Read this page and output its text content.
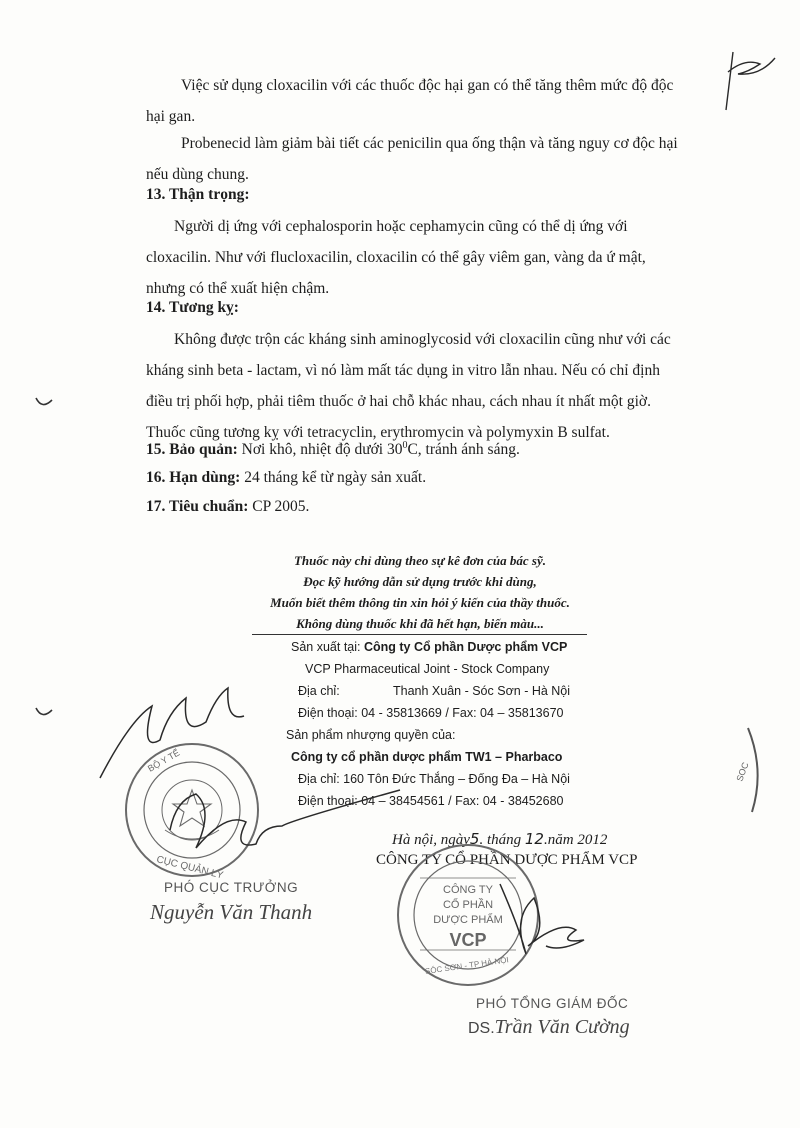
Việc sử dụng cloxacilin với các thuốc độc hại gan có thể tăng thêm mức độ độc

hại gan.

Probenecid làm giảm bài tiết các penicilin qua ống thận và tăng nguy cơ độc hại

nếu dùng chung.

13. Thận trọng:

Người dị ứng với cephalosporin hoặc cephamycin cũng có thể dị ứng với

cloxacilin. Như với flucloxacilin, cloxacilin có thể gây viêm gan, vàng da ứ mật,

nhưng có thể xuất hiện chậm.

14. Tương kỵ:

Không được trộn các kháng sinh aminoglycosid với cloxacilin cũng như với các

kháng sinh beta - lactam, vì nó làm mất tác dụng in vitro lẫn nhau. Nếu có chỉ định

điều trị phối hợp, phải tiêm thuốc ở hai chỗ khác nhau, cách nhau ít nhất một giờ.

Thuốc cũng tương kỵ với tetracyclin, erythromycin và polymyxin B sulfat.

15. Bảo quản: Nơi khô, nhiệt độ dưới $30^0C$, tránh ánh sáng.
16. Hạn dùng: 24 tháng kể từ ngày sản xuất.
17. Tiêu chuẩn: CP 2005.
Thuốc này chỉ dùng theo sự kê đơn của bác sỹ.
Đọc kỹ hướng dẫn sử dụng trước khi dùng,
Muốn biết thêm thông tin xin hỏi ý kiến của thầy thuốc.
Không dùng thuốc khi đã hết hạn, biến màu...
Sản xuất tại: Công ty Cổ phần Dược phẩm VCP
VCP Pharmaceutical Joint - Stock Company
Địa chỉ:	Thanh Xuân - Sóc Sơn - Hà Nội
Điện thoại: 04 - 35813669 / Fax: 04 – 35813670
Sản phẩm nhượng quyền của:
Công ty cổ phần dược phẩm TW1 – Pharbaco
Địa chỉ: 160 Tôn Đức Thắng – Đống Đa – Hà Nội
Điện thoại: 04 – 38454561 / Fax: 04 - 38452680
Hà nội, ngày5. tháng 12.năm 2012
CÔNG TY CỔ PHẦN DƯỢC PHẨM VCP
PHÓ CỤC TRƯỞNG
Nguyễn Văn Thanh
PHÓ TỔNG GIÁM ĐỐC
DS.Trần Văn Cường
SOC
BỘ Y TẾ
CỤC QUẢN LÝ
CÔNG TY
CỔ PHẦN
DƯỢC PHẨM
VCP
SÓC SƠN - TP HÀ NỘI
